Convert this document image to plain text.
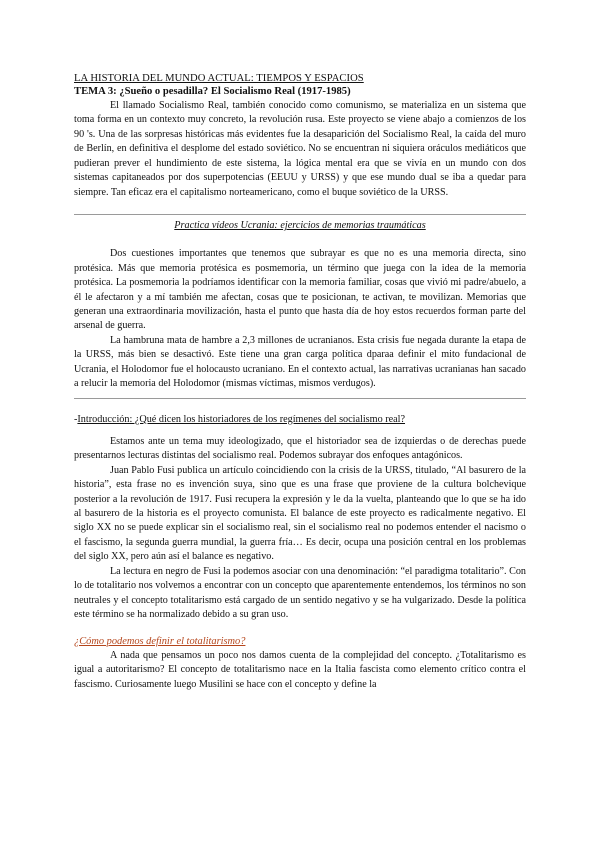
LA HISTORIA DEL MUNDO ACTUAL: TIEMPOS Y ESPACIOS
TEMA 3: ¿Sueño o pesadilla? El Socialismo Real (1917-1985)

El llamado Socialismo Real, también conocido como comunismo, se materializa en un sistema que toma forma en un contexto muy concreto, la revolución rusa. Este proyecto se viene abajo a comienzos de los 90 's. Una de las sorpresas históricas más evidentes fue la desaparición del Socialismo Real, la caída del muro de Berlín, en definitiva el desplome del estado soviético. No se encuentran ni siquiera oráculos mediáticos que pudieran prever el hundimiento de este sistema, la lógica mental era que se vivía en un mundo con dos sistemas capitaneados por dos superpotencias (EEUU y URSS) y que ese mundo dual se iba a quedar para siempre. Tan eficaz era el capitalismo norteamericano, como el buque soviético de la URSS.

Practica vídeos Ucrania: ejercicios de memorias traumáticas

Dos cuestiones importantes que tenemos que subrayar es que no es una memoria directa, sino protésica. Más que memoria protésica es posmemoria, un término que juega con la idea de la memoria protésica. La posmemoria la podríamos identificar con la memoria familiar, cosas que vivió mi padre/abuelo, a él le afectaron y a mí también me afectan, cosas que te posicionan, te activan, te movilizan. Memorias que generan una extraordinaria movilización, hasta el punto que hasta día de hoy estos recuerdos forman parte del arsenal de guerra.

La hambruna mata de hambre a 2,3 millones de ucranianos. Esta crisis fue negada durante la etapa de la URSS, más bien se desactivó. Este tiene una gran carga política dparaa definir el mito fundacional de Ucrania, el Holodomor fue el holocausto ucraniano. En el contexto actual, las narrativas ucranianas han sacado a relucir la memoria del Holodomor (mismas víctimas, mismos verdugos).

-Introducción: ¿Qué dicen los historiadores de los regímenes del socialismo real?

Estamos ante un tema muy ideologizado, que el historiador sea de izquierdas o de derechas puede presentarnos lecturas distintas del socialismo real. Podemos subrayar dos enfoques antagónicos.

Juan Pablo Fusi publica un artículo coincidiendo con la crisis de la URSS, titulado, “Al basurero de la historia”, esta frase no es invención suya, sino que es una frase que proviene de la cultura bolchevique posterior a la revolución de 1917. Fusi recupera la expresión y le da la vuelta, planteando que lo que se ha ido al basurero de la historia es el proyecto comunista. El balance de este proyecto es radicalmente negativo. El siglo XX no se puede explicar sin el socialismo real, sin el socialismo real no podemos entender el nacismo o el fascismo, la segunda guerra mundial, la guerra fría… Es decir, ocupa una posición central en los problemas del siglo XX, pero aún así el balance es negativo.

La lectura en negro de Fusi la podemos asociar con una denominación: “el paradigma totalitario”. Con lo de totalitario nos volvemos a encontrar con un concepto que aparentemente entendemos, los términos no son neutrales y el concepto totalitarismo está cargado de un sentido negativo y se ha vulgarizado. Desde la política este término se ha normalizado debido a su gran uso.

¿Cómo podemos definir el totalitarismo?

A nada que pensamos un poco nos damos cuenta de la complejidad del concepto. ¿Totalitarismo es igual a autoritarismo? El concepto de totalitarismo nace en la Italia fascista como elemento crítico contra el fascismo. Curiosamente luego Musilini se hace con el concepto y define la
